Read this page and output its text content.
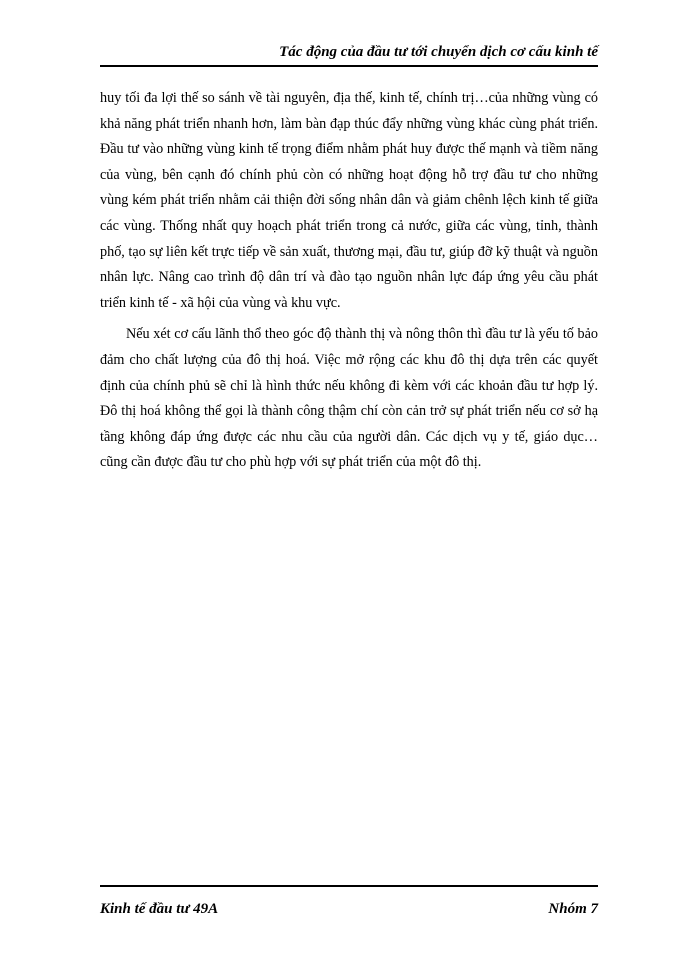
Tác động của đầu tư tới chuyển dịch cơ cấu kinh tế

huy tối đa lợi thế so sánh về tài nguyên, địa thế, kinh tế, chính trị…của những vùng có khả năng phát triển nhanh hơn, làm bàn đạp thúc đẩy những vùng khác cùng phát triển. Đầu tư vào những vùng kinh tế trọng điểm nhằm phát huy được thế mạnh và tiềm năng của vùng, bên cạnh đó chính phủ còn có những hoạt động hỗ trợ đầu tư cho những vùng kém phát triển nhằm cải thiện đời sống nhân dân và giảm chênh lệch kinh tế giữa các vùng. Thống nhất quy hoạch phát triển trong cả nước, giữa các vùng, tỉnh, thành phố, tạo sự liên kết trực tiếp về sản xuất, thương mại, đầu tư, giúp đỡ kỹ thuật và nguồn nhân lực. Nâng cao trình độ dân trí và đào tạo nguồn nhân lực đáp ứng yêu cầu phát triển kinh tế - xã hội của vùng và khu vực.

Nếu xét cơ cấu lãnh thổ theo góc độ thành thị và nông thôn thì đầu tư là yếu tố bảo đảm cho chất lượng của đô thị hoá. Việc mở rộng các khu đô thị dựa trên các quyết định của chính phủ sẽ chỉ là hình thức nếu không đi kèm với các khoản đầu tư hợp lý. Đô thị hoá không thể gọi là thành công thậm chí còn cản trở sự phát triển nếu cơ sở hạ tầng không đáp ứng được các nhu cầu của người dân. Các dịch vụ y tế, giáo dục… cũng cần được đầu tư cho phù hợp với sự phát triển của một đô thị.

Kinh tế đầu tư 49A	Nhóm 7
